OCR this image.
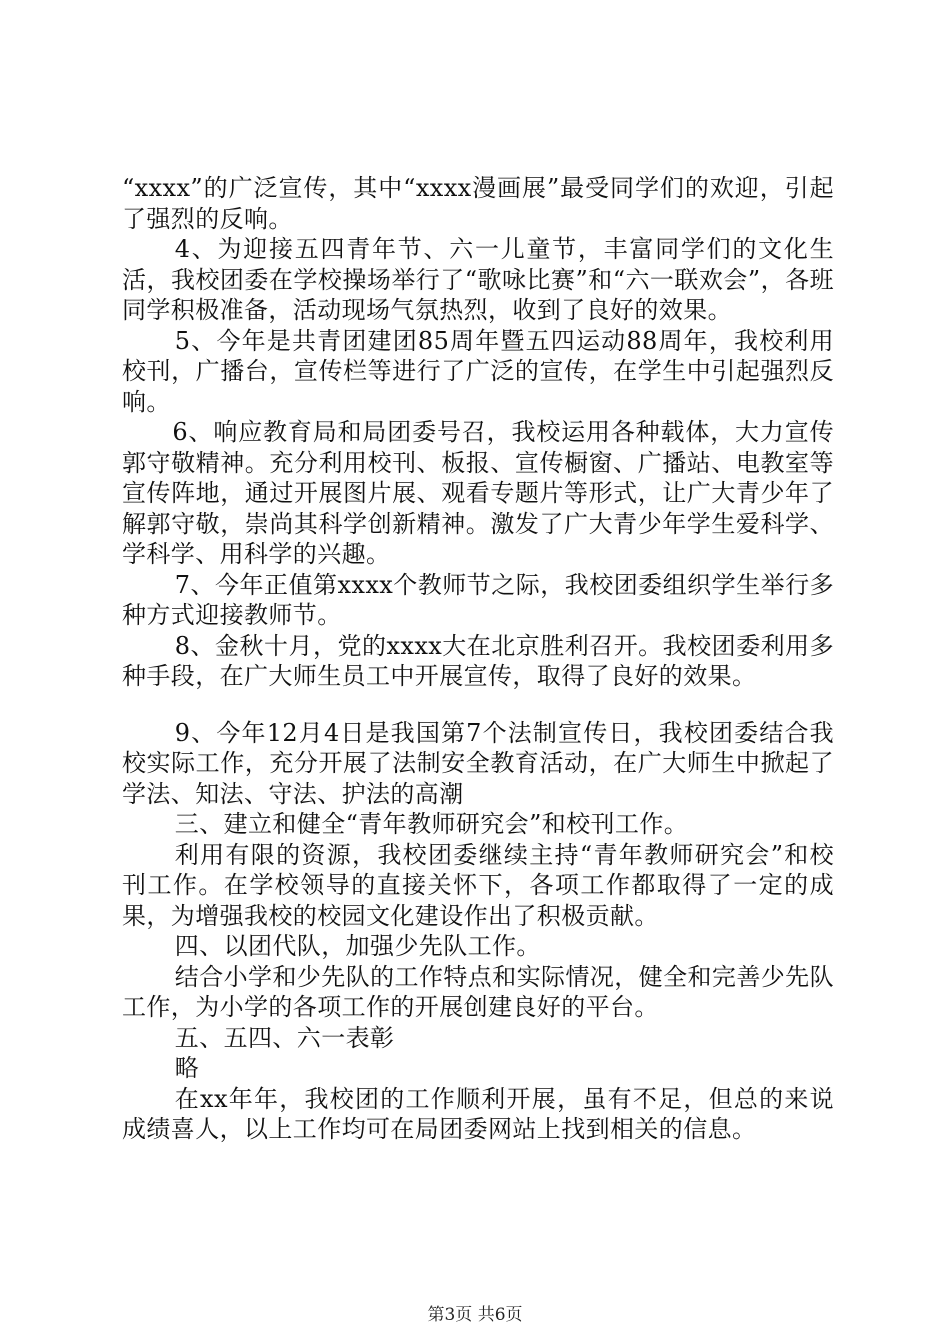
“xxxx”的广泛宣传，其中“xxxx漫画展”最受同学们的欢迎，引起了强烈的反响。

4、为迎接五四青年节、六一儿童节，丰富同学们的文化生活，我校团委在学校操场举行了“歌咏比赛”和“六一联欢会”，各班同学积极准备，活动现场气氛热烈，收到了良好的效果。

5、今年是共青团建团85周年暨五四运动88周年，我校利用校刊，广播台，宣传栏等进行了广泛的宣传，在学生中引起强烈反响。

6、响应教育局和局团委号召，我校运用各种载体，大力宣传郭守敬精神。充分利用校刊、板报、宣传橱窗、广播站、电教室等宣传阵地，通过开展图片展、观看专题片等形式，让广大青少年了解郭守敬，崇尚其科学创新精神。激发了广大青少年学生爱科学、学科学、用科学的兴趣。

7、今年正值第xxxx个教师节之际，我校团委组织学生举行多种方式迎接教师节。

8、金秋十月，党的xxxx大在北京胜利召开。我校团委利用多种手段，在广大师生员工中开展宣传，取得了良好的效果。

9、今年12月4日是我国第7个法制宣传日，我校团委结合我校实际工作，充分开展了法制安全教育活动，在广大师生中掀起了学法、知法、守法、护法的高潮

三、建立和健全“青年教师研究会”和校刊工作。

利用有限的资源，我校团委继续主持“青年教师研究会”和校刊工作。在学校领导的直接关怀下，各项工作都取得了一定的成果，为增强我校的校园文化建设作出了积极贡献。

四、以团代队，加强少先队工作。

结合小学和少先队的工作特点和实际情况，健全和完善少先队工作，为小学的各项工作的开展创建良好的平台。

五、五四、六一表彰

略

在xx年年，我校团的工作顺利开展，虽有不足，但总的来说成绩喜人，以上工作均可在局团委网站上找到相关的信息。

第3页 共6页
